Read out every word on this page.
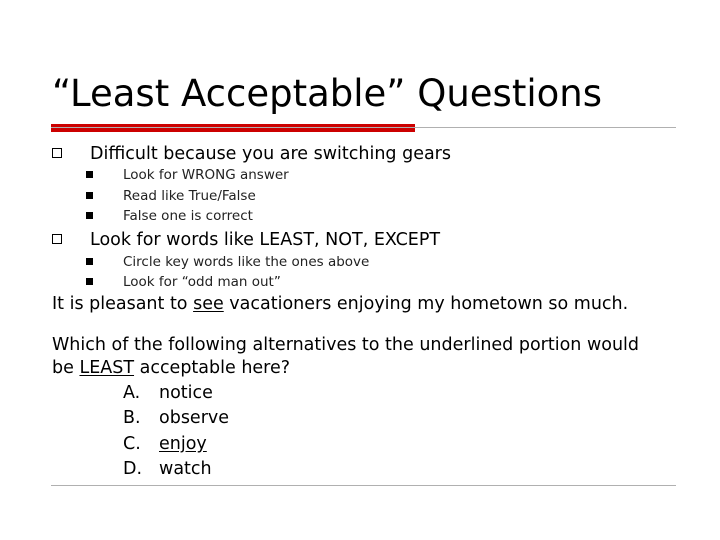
“Least Acceptable” Questions
Difficult because you are switching gears
Look for WRONG answer
Read like True/False
False one is correct
Look for words like LEAST, NOT, EXCEPT
Circle key words like the ones above
Look for “odd man out”
It is pleasant to see vacationers enjoying my hometown so much.
Which of the following alternatives to the underlined portion would
be LEAST acceptable here?
A.	notice
B.	observe
C.	enjoy
D. watch
